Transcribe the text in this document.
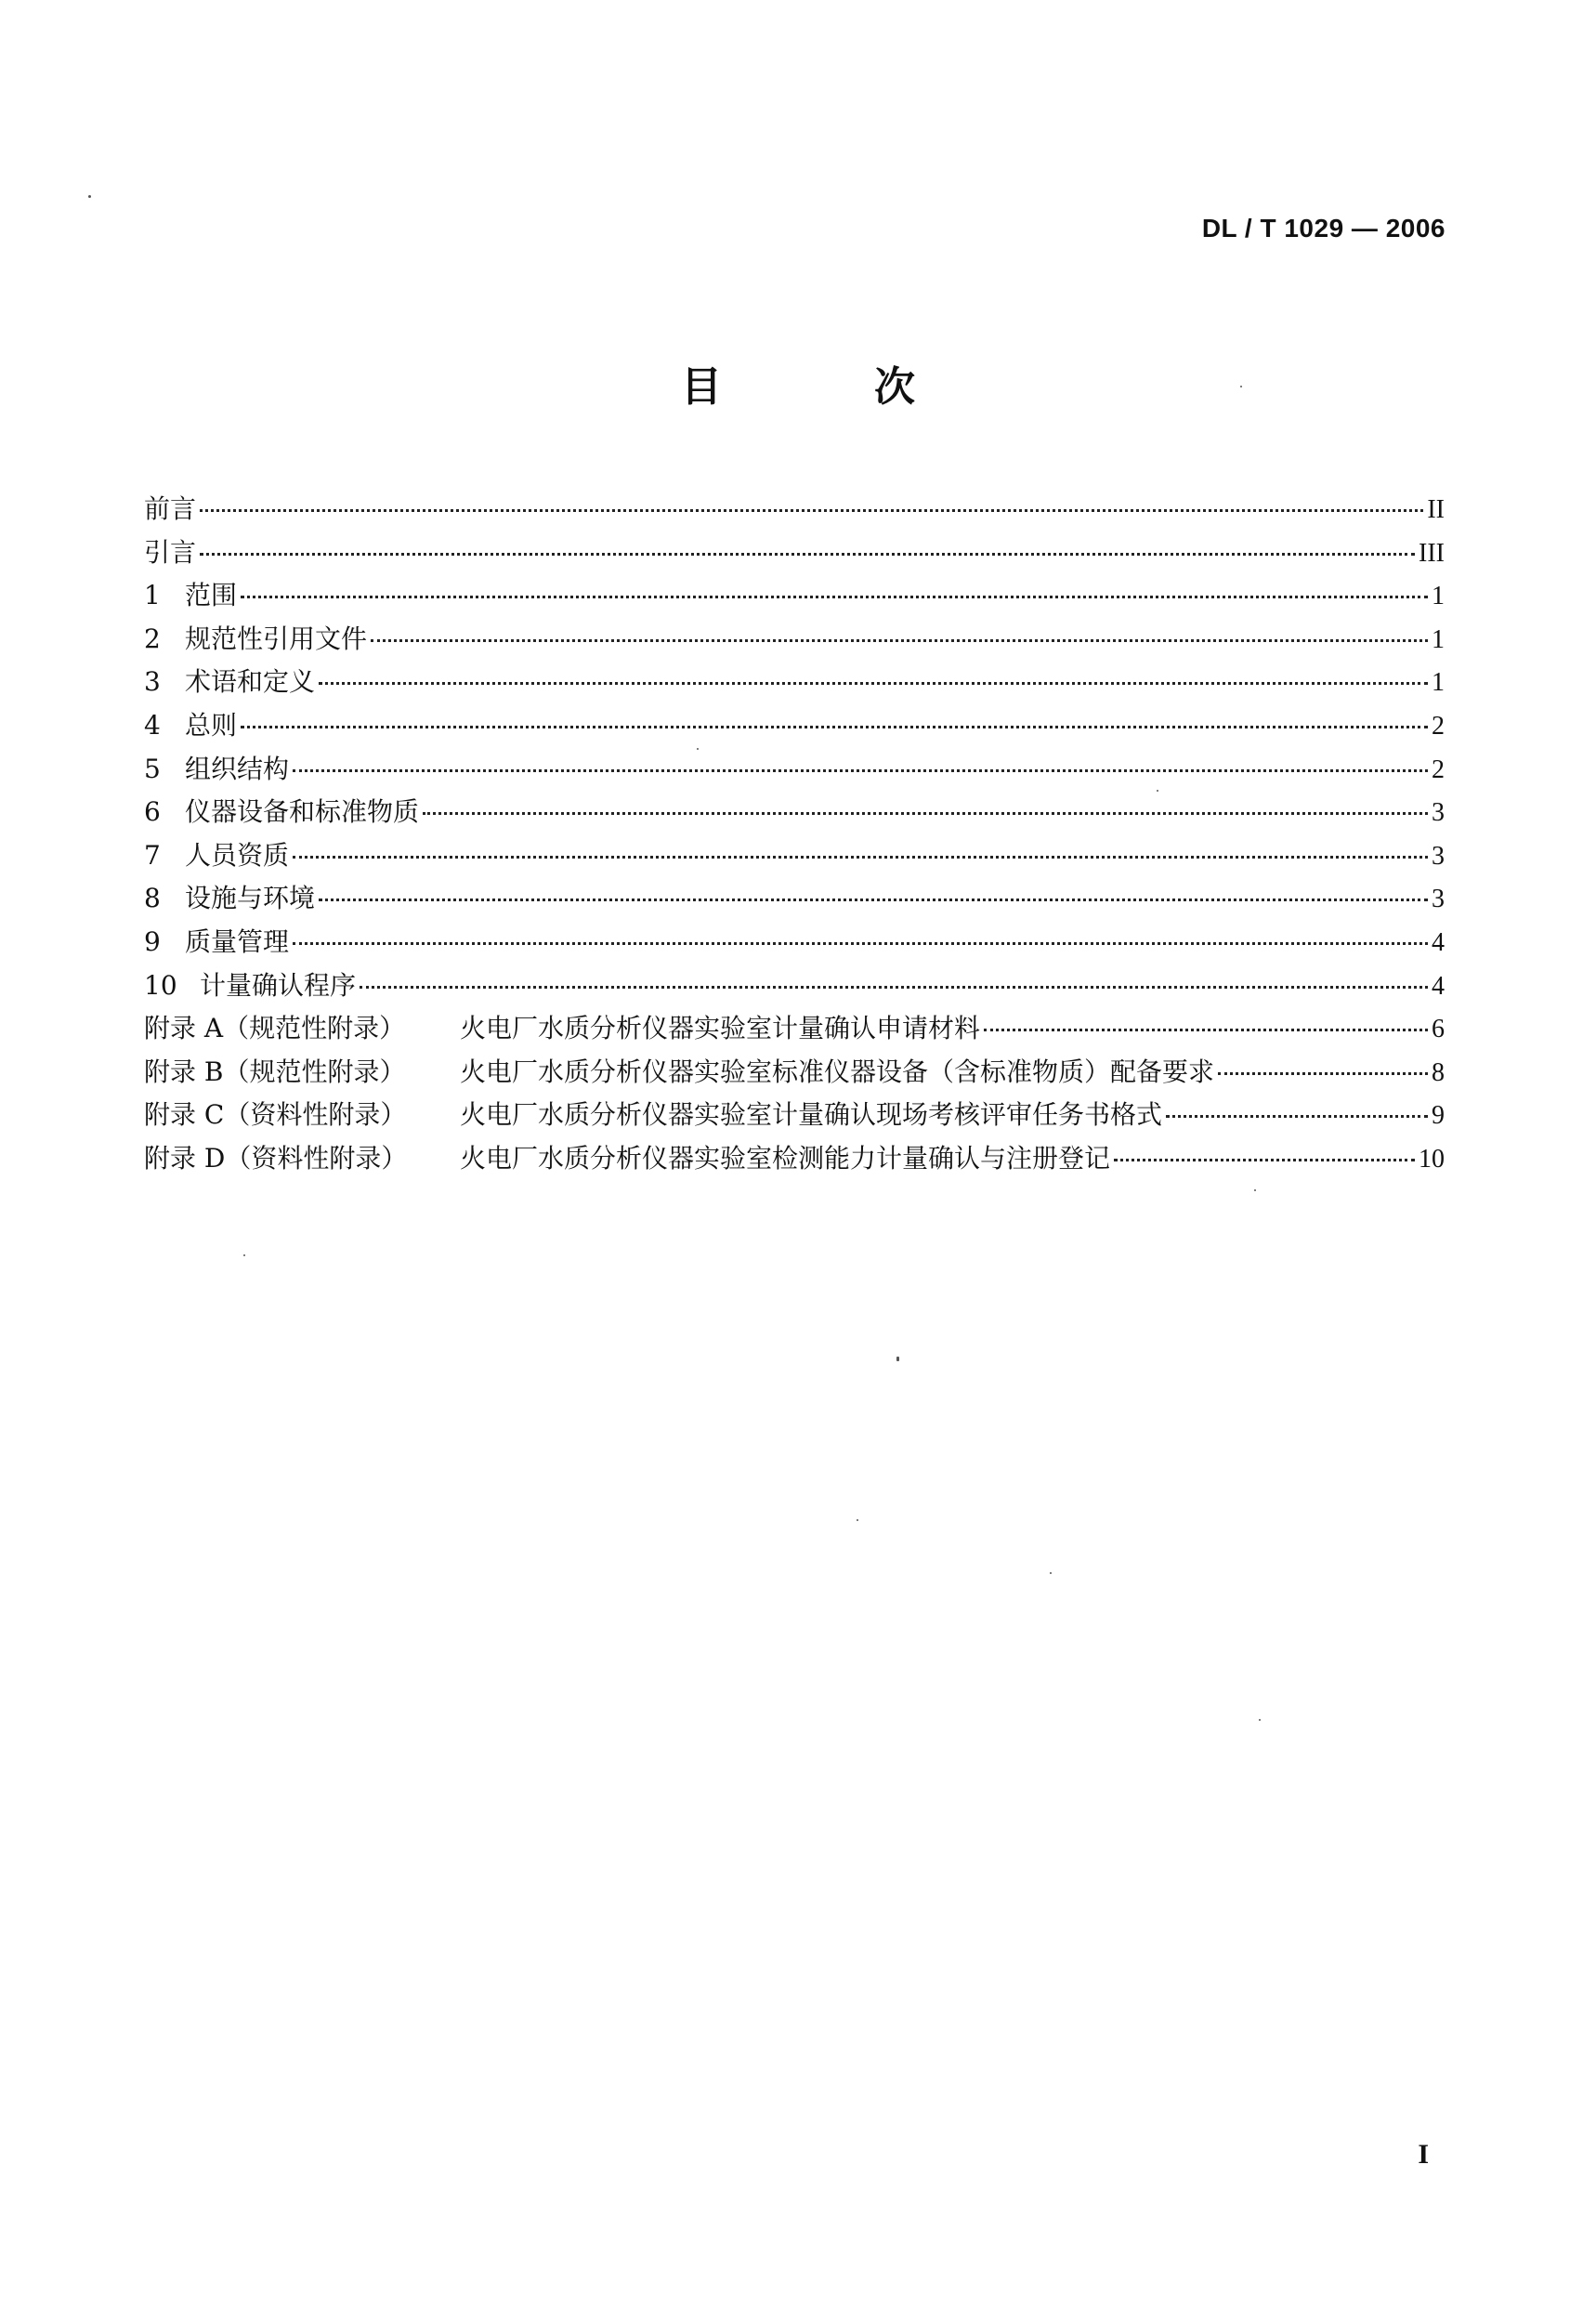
DL / T 1029 — 2006
目　次
前言	II
引言	III
1 范围	1
2 规范性引用文件	1
3 术语和定义	1
4 总则	2
5 组织结构	2
6 仪器设备和标准物质	3
7 人员资质	3
8 设施与环境	3
9 质量管理	4
10 计量确认程序	4
附录 A（规范性附录）	火电厂水质分析仪器实验室计量确认申请材料	6
附录 B（规范性附录）	火电厂水质分析仪器实验室标准仪器设备（含标准物质）配备要求	8
附录 C（资料性附录）	火电厂水质分析仪器实验室计量确认现场考核评审任务书格式	9
附录 D（资料性附录）	火电厂水质分析仪器实验室检测能力计量确认与注册登记	10
I
